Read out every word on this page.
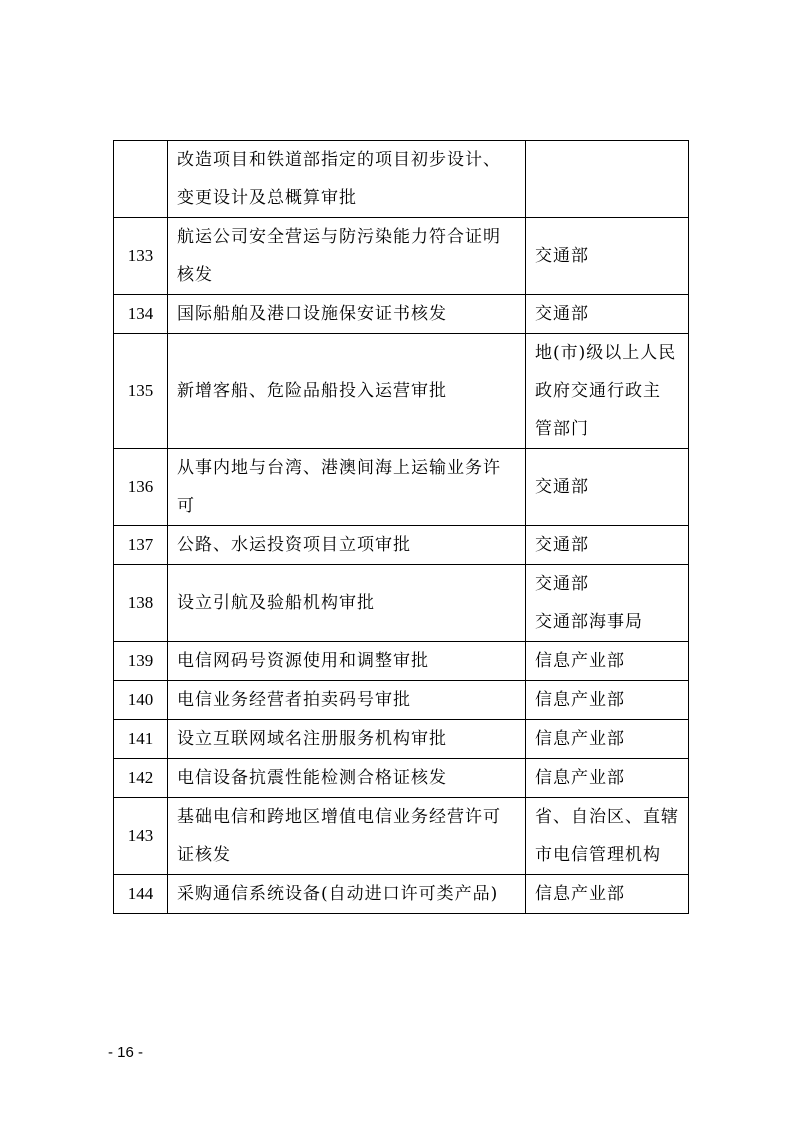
	改造项目和铁道部指定的项目初步设计、
变更设计及总概算审批	

133	航运公司安全营运与防污染能力符合证明
核发	交通部

134	国际船舶及港口设施保安证书核发	交通部

135	新增客船、危险品船投入运营审批	地(市)级以上人民
政府交通行政主
管部门

136	从事内地与台湾、港澳间海上运输业务许
可	交通部

137	公路、水运投资项目立项审批	交通部

138	设立引航及验船机构审批	交通部
交通部海事局

139	电信网码号资源使用和调整审批	信息产业部

140	电信业务经营者拍卖码号审批	信息产业部

141	设立互联网域名注册服务机构审批	信息产业部

142	电信设备抗震性能检测合格证核发	信息产业部

143	基础电信和跨地区增值电信业务经营许可
证核发	省、自治区、直辖
市电信管理机构

144	采购通信系统设备(自动进口许可类产品)	信息产业部
- 16 -
